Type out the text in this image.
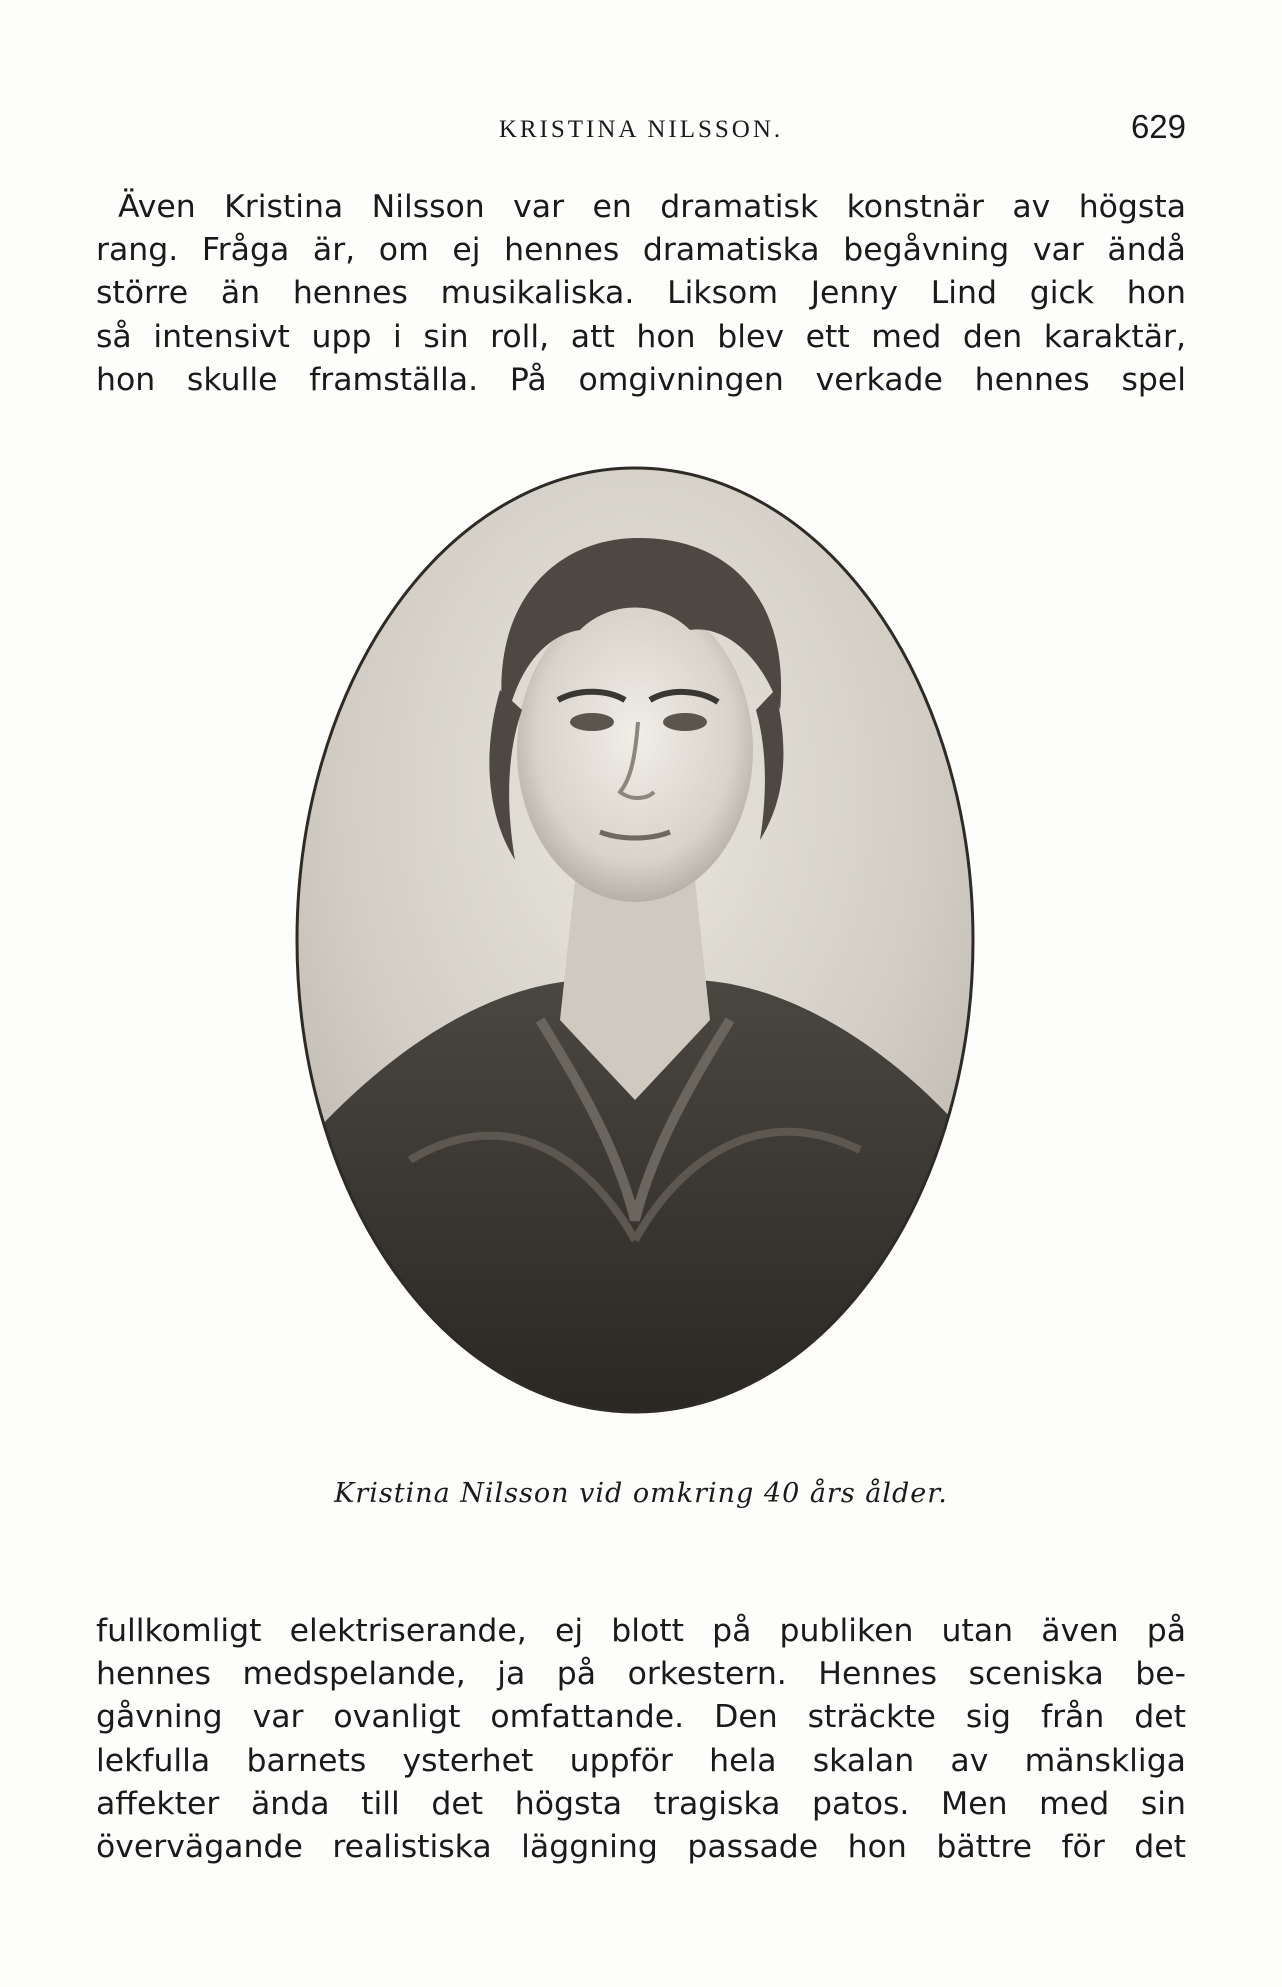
KRISTINA NILSSON.	629
Även Kristina Nilsson var en dramatisk konstnär av högsta
rang. Fråga är, om ej hennes dramatiska begåvning var ändå
större än hennes musikaliska. Liksom Jenny Lind gick hon
så intensivt upp i sin roll, att hon blev ett med den karaktär,
hon skulle framställa. På omgivningen verkade hennes spel
Kristina Nilsson vid omkring 40 års ålder.
fullkomligt elektriserande, ej blott på publiken utan även på
hennes medspelande, ja på orkestern. Hennes sceniska be-
gåvning var ovanligt omfattande. Den sträckte sig från det
lekfulla barnets ysterhet uppför hela skalan av mänskliga
affekter ända till det högsta tragiska patos. Men med sin
övervägande realistiska läggning passade hon bättre för det
